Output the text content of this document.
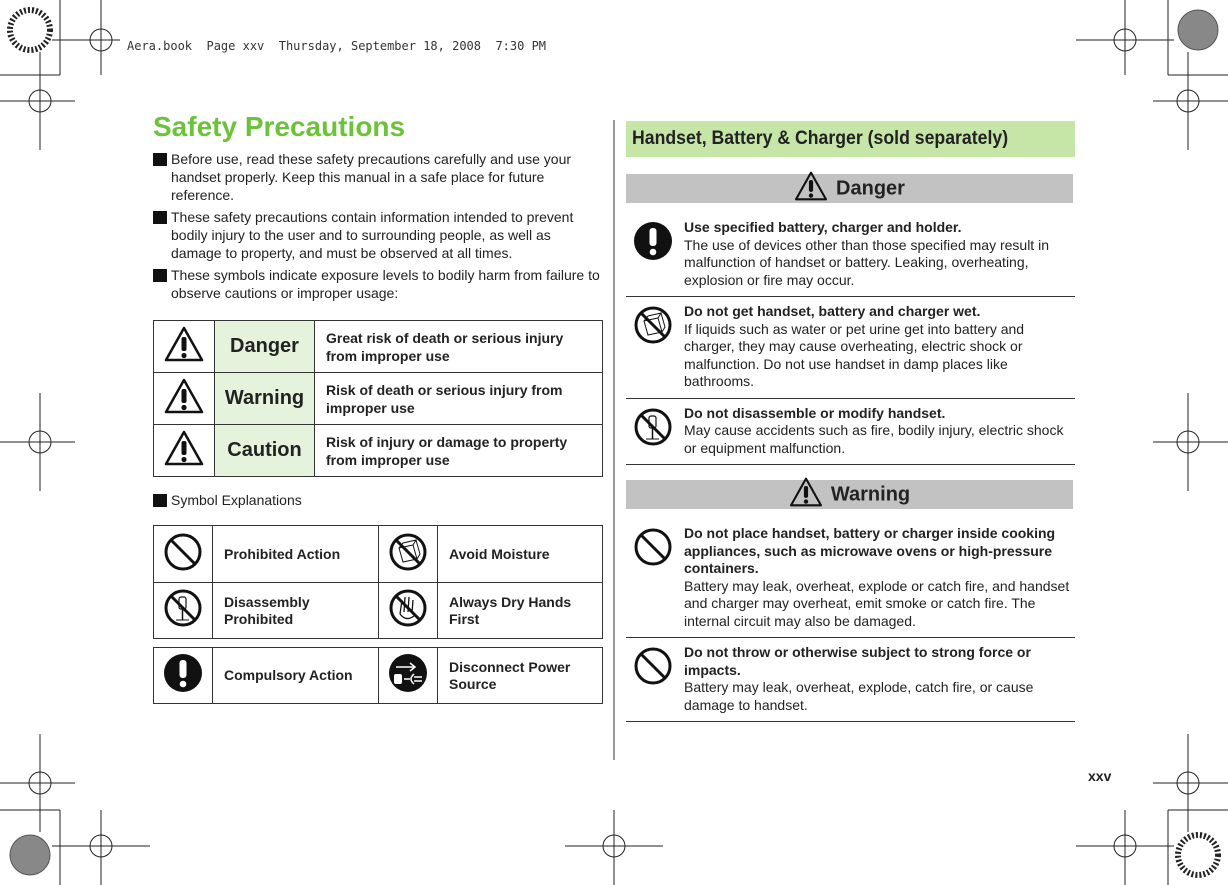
Aera.book  Page xxv  Thursday, September 18, 2008  7:30 PM
Safety Precautions
Before use, read these safety precautions carefully and use your handset properly. Keep this manual in a safe place for future reference.
These safety precautions contain information intended to prevent bodily injury to the user and to surrounding people, as well as damage to property, and must be observed at all times.
These symbols indicate exposure levels to bodily harm from failure to observe cautions or improper usage:
	Danger	Great risk of death or serious injury from improper use
	Warning	Risk of death or serious injury from improper use
	Caution	Risk of injury or damage to property from improper use
Symbol Explanations
	Prohibited Action		Avoid Moisture
	Disassembly Prohibited		Always Dry Hands First
	Compulsory Action		Disconnect Power Source
Handset, Battery & Charger (sold separately)
Danger
Use specified battery, charger and holder.
The use of devices other than those specified may result in malfunction of handset or battery. Leaking, overheating, explosion or fire may occur.
Do not get handset, battery and charger wet.
If liquids such as water or pet urine get into battery and charger, they may cause overheating, electric shock or malfunction. Do not use handset in damp places like bathrooms.
Do not disassemble or modify handset.
May cause accidents such as fire, bodily injury, electric shock or equipment malfunction.
Warning
Do not place handset, battery or charger inside cooking appliances, such as microwave ovens or high-pressure containers.
Battery may leak, overheat, explode or catch fire, and handset and charger may overheat, emit smoke or catch fire. The internal circuit may also be damaged.
Do not throw or otherwise subject to strong force or impacts.
Battery may leak, overheat, explode, catch fire, or cause damage to handset.
xxv
